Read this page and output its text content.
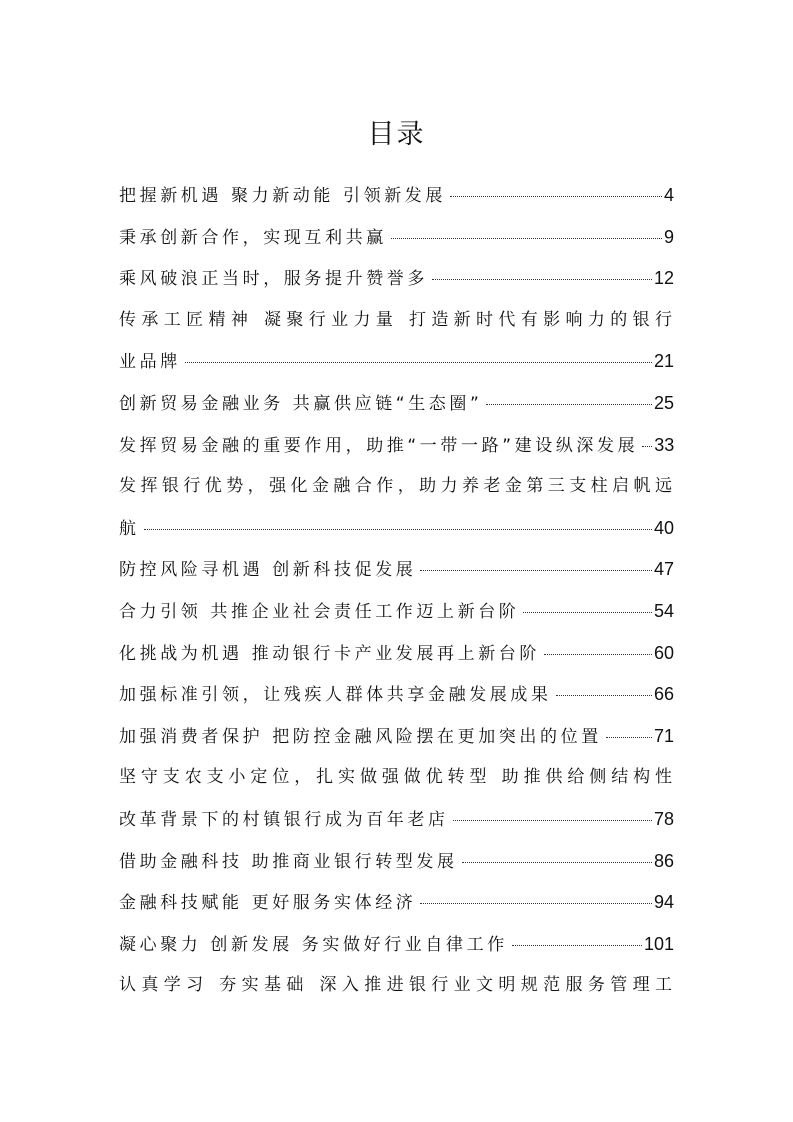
目录
把握新机遇 聚力新动能 引领新发展	4
秉承创新合作，实现互利共赢	9
乘风破浪正当时，服务提升赞誉多	12
传承工匠精神 凝聚行业力量 打造新时代有影响力的银行
业品牌	21
创新贸易金融业务 共赢供应链“生态圈”	25
发挥贸易金融的重要作用，助推“一带一路”建设纵深发展 33
发挥银行优势，强化金融合作，助力养老金第三支柱启帆远
航	40
防控风险寻机遇 创新科技促发展	47
合力引领 共推企业社会责任工作迈上新台阶	54
化挑战为机遇 推动银行卡产业发展再上新台阶	60
加强标准引领，让残疾人群体共享金融发展成果	66
加强消费者保护 把防控金融风险摆在更加突出的位置	71
坚守支农支小定位，扎实做强做优转型 助推供给侧结构性
改革背景下的村镇银行成为百年老店	78
借助金融科技 助推商业银行转型发展	86
金融科技赋能 更好服务实体经济	94
凝心聚力 创新发展 务实做好行业自律工作	101
认真学习 夯实基础 深入推进银行业文明规范服务管理工
